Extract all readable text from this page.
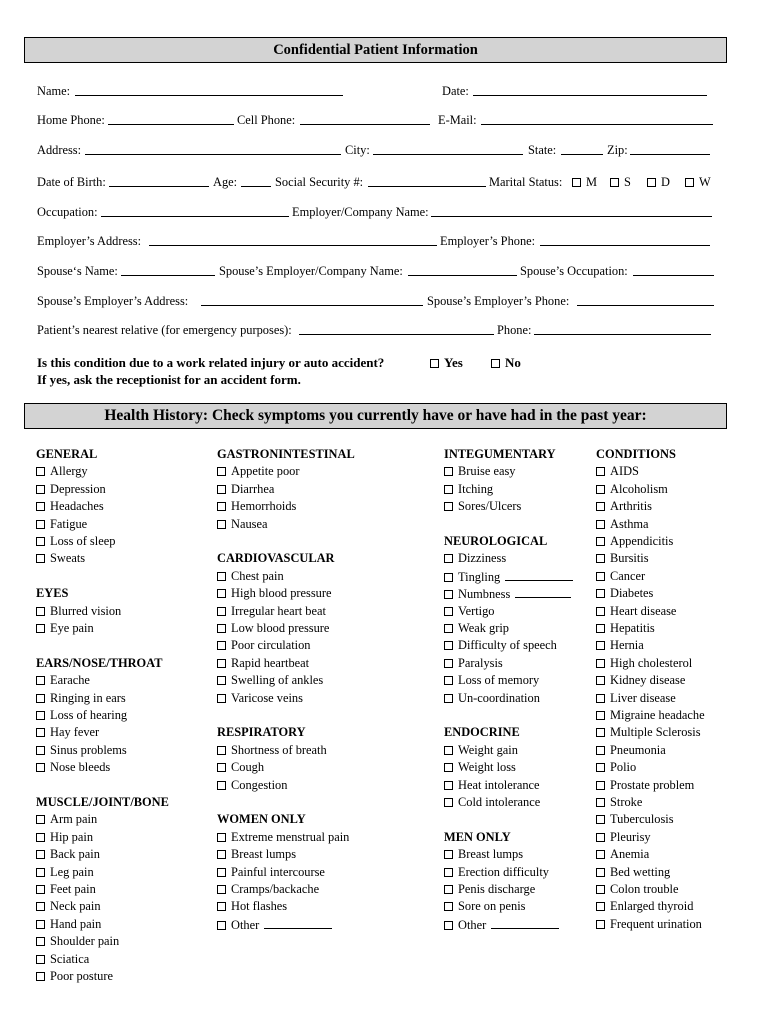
Confidential Patient Information
Name:	Date:
Home Phone:	Cell Phone:	E-Mail:
Address:	City:	State:	Zip:
Date of Birth:	Age:	Social Security #:	Marital Status:	M	S	D	W
Occupation:	Employer/Company Name:
Employer’s Address:	Employer’s Phone:
Spouse‘s Name:	Spouse’s Employer/Company Name:	Spouse’s Occupation:
Spouse’s Employer’s Address:	Spouse’s Employer’s Phone:
Patient’s nearest relative (for emergency purposes):	Phone:
Is this condition due to a work related injury or auto accident?	Yes	No
If yes, ask the receptionist for an accident form.
Health History: Check symptoms you currently have or have had in the past year:
GENERAL
Allergy
Depression
Headaches
Fatigue
Loss of sleep
Sweats
EYES
Blurred vision
Eye pain
EARS/NOSE/THROAT
Earache
Ringing in ears
Loss of hearing
Hay fever
Sinus problems
Nose bleeds
MUSCLE/JOINT/BONE
Arm pain
Hip pain
Back pain
Leg pain
Feet pain
Neck pain
Hand pain
Shoulder pain
Sciatica
Poor posture
GASTRONINTESTINAL
Appetite poor
Diarrhea
Hemorrhoids
Nausea
CARDIOVASCULAR
Chest pain
High blood pressure
Irregular heart beat
Low blood pressure
Poor circulation
Rapid heartbeat
Swelling of ankles
Varicose veins
RESPIRATORY
Shortness of breath
Cough
Congestion
WOMEN ONLY
Extreme menstrual pain
Breast lumps
Painful intercourse
Cramps/backache
Hot flashes
Other
INTEGUMENTARY
Bruise easy
Itching
Sores/Ulcers
NEUROLOGICAL
Dizziness
Tingling
Numbness
Vertigo
Weak grip
Difficulty of speech
Paralysis
Loss of memory
Un-coordination
ENDOCRINE
Weight gain
Weight loss
Heat intolerance
Cold intolerance
MEN ONLY
Breast lumps
Erection difficulty
Penis discharge
Sore on penis
Other
CONDITIONS
AIDS
Alcoholism
Arthritis
Asthma
Appendicitis
Bursitis
Cancer
Diabetes
Heart disease
Hepatitis
Hernia
High cholesterol
Kidney disease
Liver disease
Migraine headache
Multiple Sclerosis
Pneumonia
Polio
Prostate problem
Stroke
Tuberculosis
Pleurisy
Anemia
Bed wetting
Colon trouble
Enlarged thyroid
Frequent urination
